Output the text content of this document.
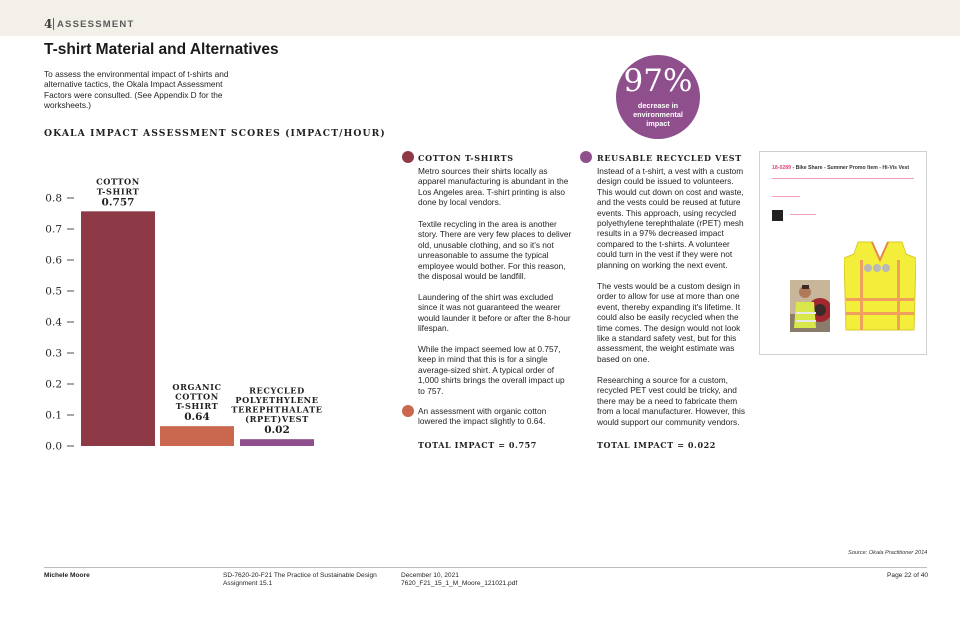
4 ASSESSMENT
T-shirt Material and Alternatives

To assess the environmental impact of t-shirts and alternative tactics, the Okala Impact Assessment Factors were consulted. (See Appendix D for the worksheets.)

OKALA IMPACT ASSESSMENT SCORES (IMPACT/HOUR)
0.0
0.1
0.2
0.3
0.4
0.5
0.6
0.7
0.8	0.757
COTTON
T-SHIRT
0.64
ORGANIC
COTTON
T-SHIRT
0.02
RECYCLED
POLYETHYLENE
TEREPHTHALATE
(RPET)VEST
97%
decrease in environmental impact
COTTON T-SHIRTS

Metro sources their shirts locally as apparel manufacturing is abundant in the Los Angeles area. T-shirt printing is also done by local vendors.

Textile recycling in the area is another story. There are very few places to deliver old, unusable clothing, and so it's not unreasonable to assume the typical employee would bother. For this reason, the disposal would be landfill.

Laundering of the shirt was excluded since it was not guaranteed the wearer would launder it before or after the 8-hour lifespan.

While the impact seemed low at 0.757, keep in mind that this is for a single average-sized shirt. A typical order of 1,000 shirts brings the overall impact up to 757.

An assessment with organic cotton lowered the impact slightly to 0.64.

TOTAL IMPACT = 0.757
REUSABLE RECYCLED VEST

Instead of a t-shirt, a vest with a custom design could be issued to volunteers. This would cut down on cost and waste, and the vests could be reused at future events. This approach, using recycled polyethylene terephthalate (rPET) mesh results in a 97% decreased impact compared to the t-shirts. A volunteer could turn in the vest if they were not planning on working the next event.

The vests would be a custom design in order to allow for use at more than one event, thereby expanding it's lifetime. It could also be easily recycled when the time comes. The design would not look like a standard safety vest, but for this assessment, the weight estimate was based on one.

Researching a source for a custom, recycled PET vest could be tricky, and there may be a need to fabricate them from a local manufacturer. However, this would support our community vendors.

TOTAL IMPACT = 0.022
18-0289 - Bike Share - Summer Promo Item - Hi-Vis Vest
Source: Okala Practitioner 2014
Michele Moore	SD-7620-20-F21 The Practice of Sustainable Design
Assignment 15.1
December 10, 2021
7620_F21_15_1_M_Moore_121021.pdf
Page 22 of 40
